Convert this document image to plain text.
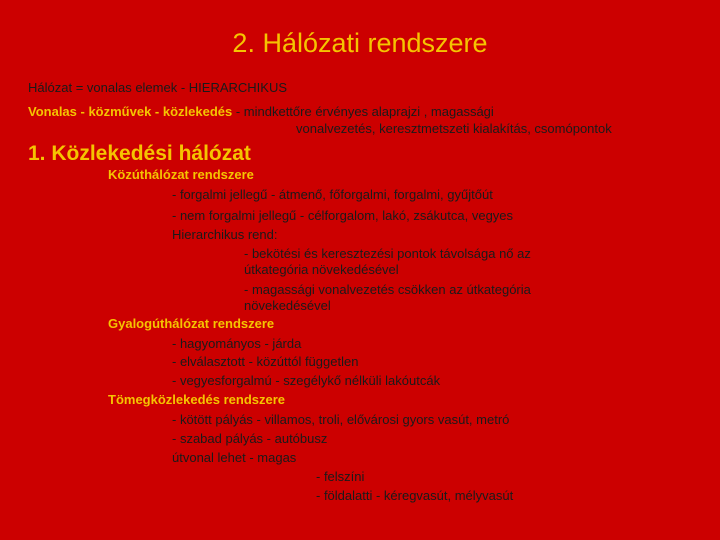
2. Hálózati rendszere
Hálózat = vonalas elemek - HIERARCHIKUS
Vonalas - közművek - közlekedés - mindkettőre érvényes alaprajzi , magassági
vonalvezetés, keresztmetszeti kialakítás, csomópontok
1. Közlekedési hálózat
Közúthálózat rendszere
- forgalmi jellegű - átmenő, főforgalmi, forgalmi, gyűjtőút
- nem forgalmi jellegű - célforgalom, lakó, zsákutca, vegyes
Hierarchikus rend:
- bekötési és keresztezési pontok távolsága nő az
útkategória növekedésével
- magassági vonalvezetés csökken az útkategória
növekedésével
Gyalogúthálózat rendszere
- hagyományos - járda
- elválasztott - közúttól független
- vegyesforgalmú - szegélykő nélküli lakóutcák
Tömegközlekedés rendszere
- kötött pályás - villamos, troli, elővárosi gyors vasút, metró
- szabad pályás - autóbusz
útvonal lehet - magas
- felszíni
- földalatti - kéregvasút, mélyvasút
